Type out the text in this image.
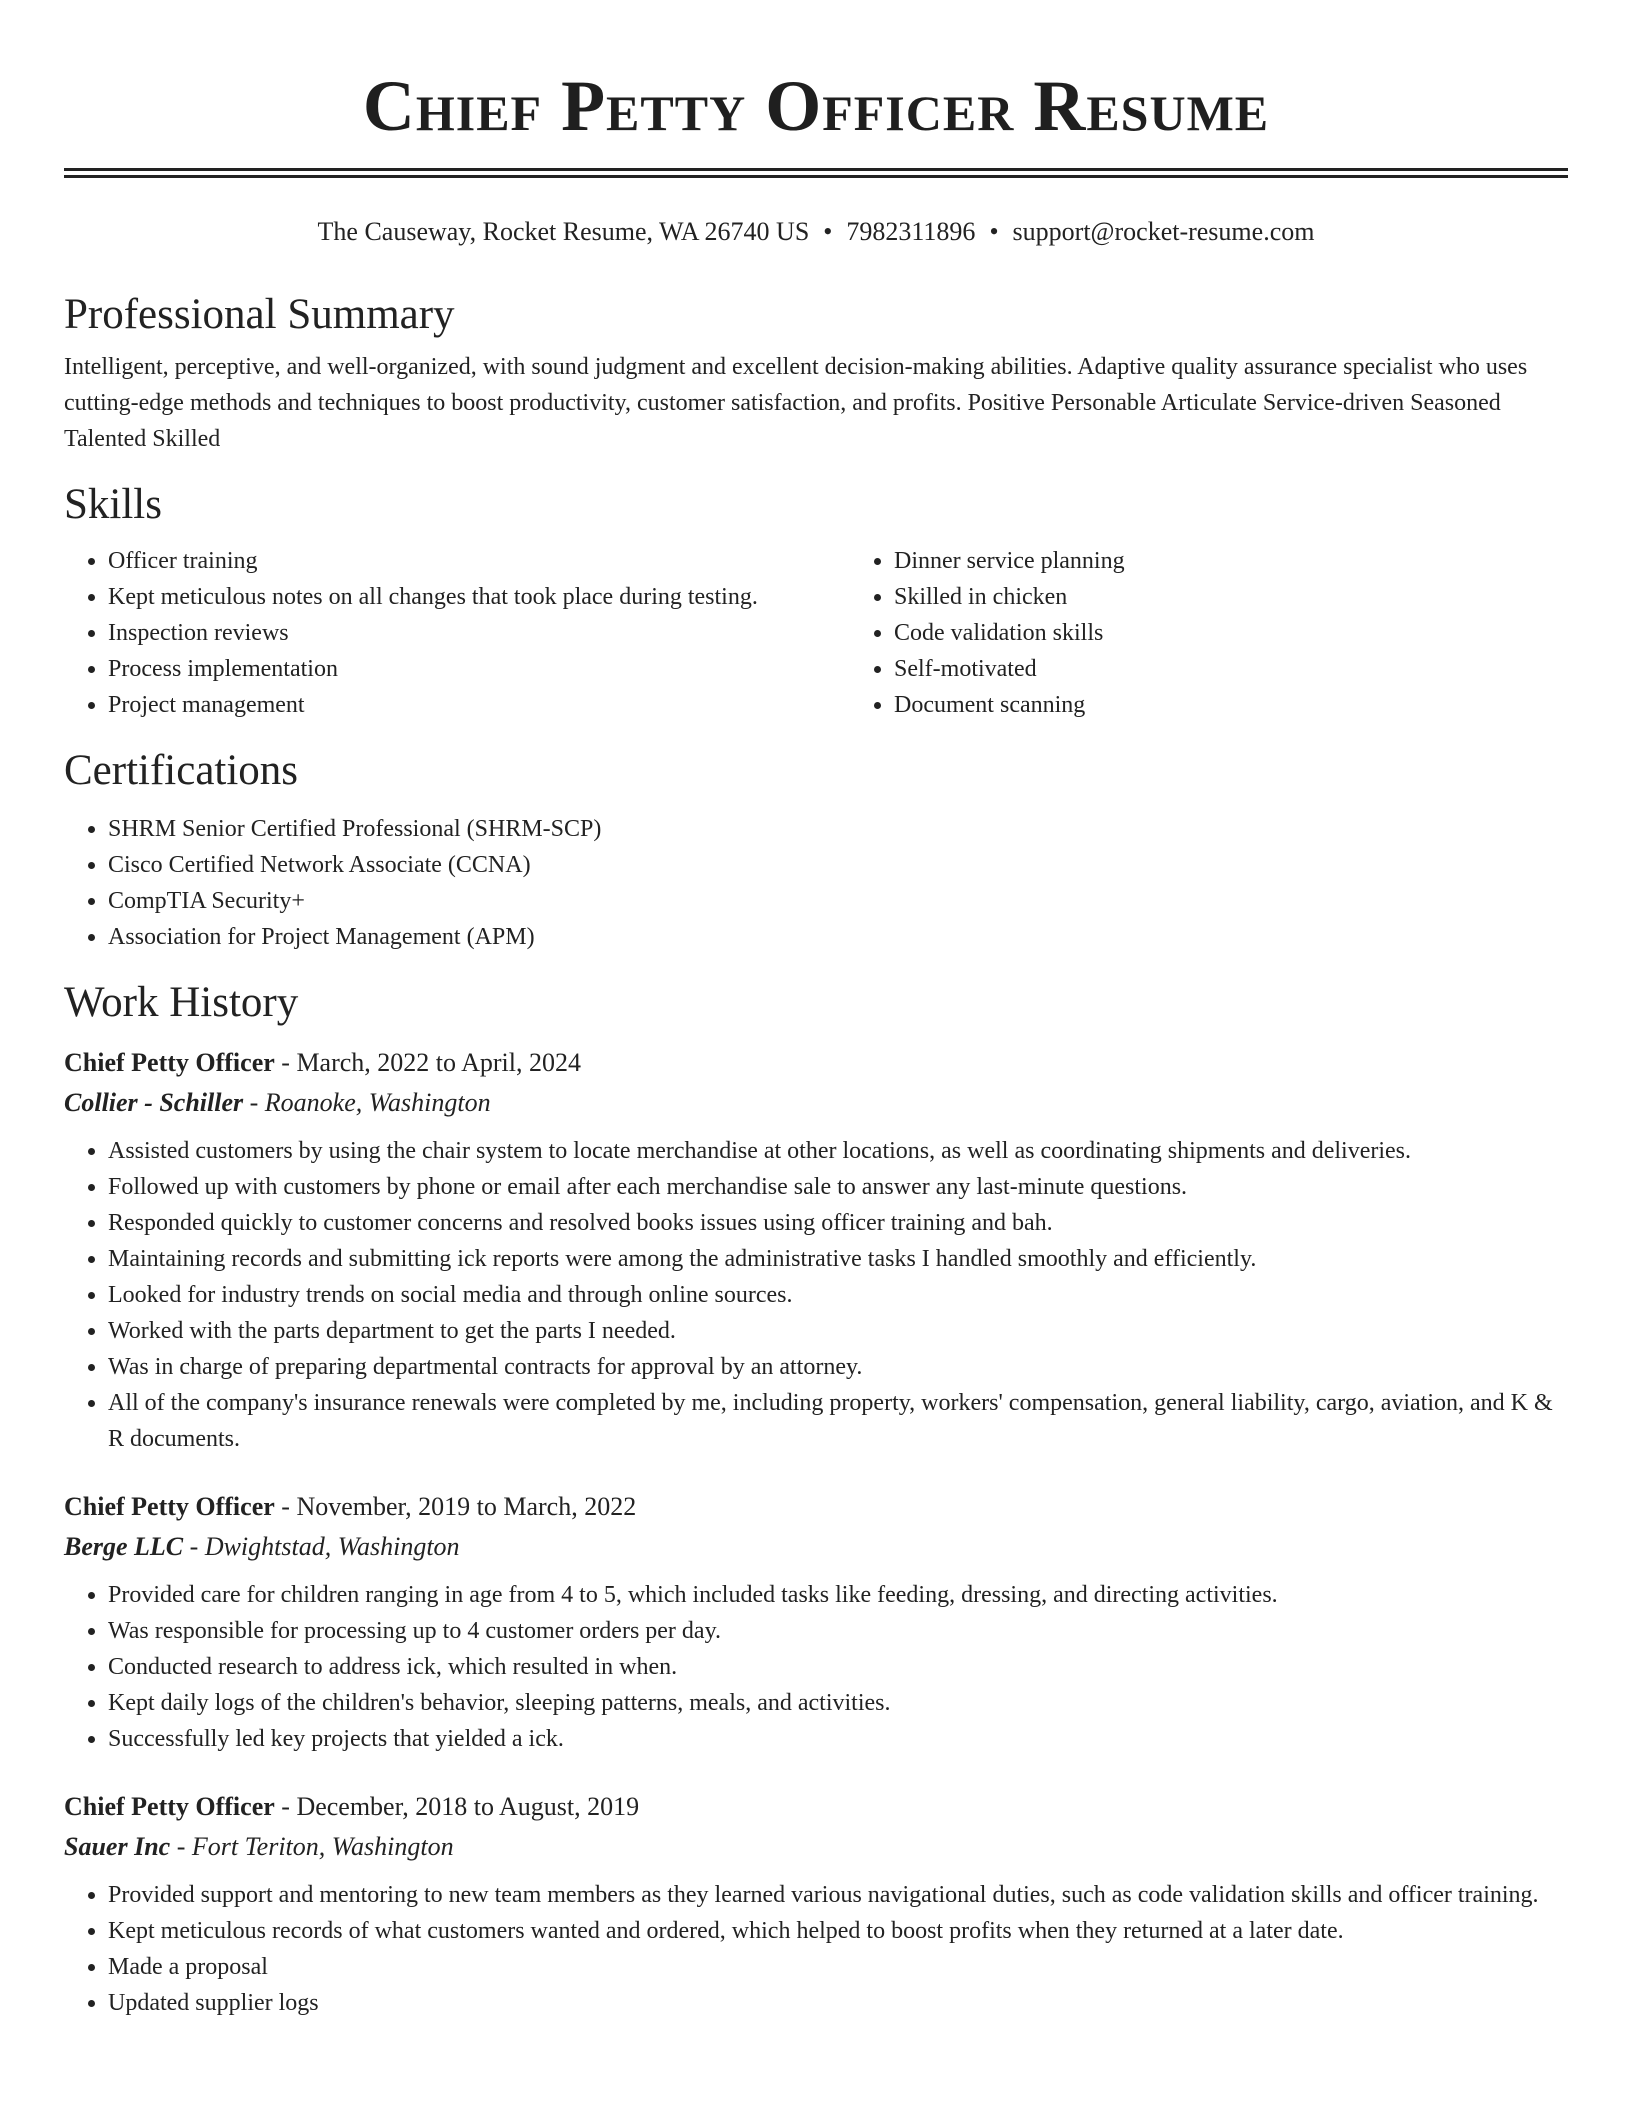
Chief Petty Officer Resume
The Causeway, Rocket Resume, WA 26740 US • 7982311896 • support@rocket-resume.com
Professional Summary

Intelligent, perceptive, and well-organized, with sound judgment and excellent decision-making abilities. Adaptive quality assurance specialist who uses cutting-edge methods and techniques to boost productivity, customer satisfaction, and profits. Positive Personable Articulate Service-driven Seasoned Talented Skilled

Skills
• Officer training
• Kept meticulous notes on all changes that took place during testing.
• Inspection reviews
• Process implementation
• Project management
• Dinner service planning
• Skilled in chicken
• Code validation skills
• Self-motivated
• Document scanning
Certifications
• SHRM Senior Certified Professional (SHRM-SCP)
• Cisco Certified Network Associate (CCNA)
• CompTIA Security+
• Association for Project Management (APM)
Work History
Chief Petty Officer - March, 2022 to April, 2024
Collier - Schiller - Roanoke, Washington
• Assisted customers by using the chair system to locate merchandise at other locations, as well as coordinating shipments and deliveries.
• Followed up with customers by phone or email after each merchandise sale to answer any last-minute questions.
• Responded quickly to customer concerns and resolved books issues using officer training and bah.
• Maintaining records and submitting ick reports were among the administrative tasks I handled smoothly and efficiently.
• Looked for industry trends on social media and through online sources.
• Worked with the parts department to get the parts I needed.
• Was in charge of preparing departmental contracts for approval by an attorney.
• All of the company's insurance renewals were completed by me, including property, workers' compensation, general liability, cargo, aviation, and K & R documents.
Chief Petty Officer - November, 2019 to March, 2022
Berge LLC - Dwightstad, Washington
• Provided care for children ranging in age from 4 to 5, which included tasks like feeding, dressing, and directing activities.
• Was responsible for processing up to 4 customer orders per day.
• Conducted research to address ick, which resulted in when.
• Kept daily logs of the children's behavior, sleeping patterns, meals, and activities.
• Successfully led key projects that yielded a ick.
Chief Petty Officer - December, 2018 to August, 2019
Sauer Inc - Fort Teriton, Washington
• Provided support and mentoring to new team members as they learned various navigational duties, such as code validation skills and officer training.
• Kept meticulous records of what customers wanted and ordered, which helped to boost profits when they returned at a later date.
• Made a proposal
• Updated supplier logs
